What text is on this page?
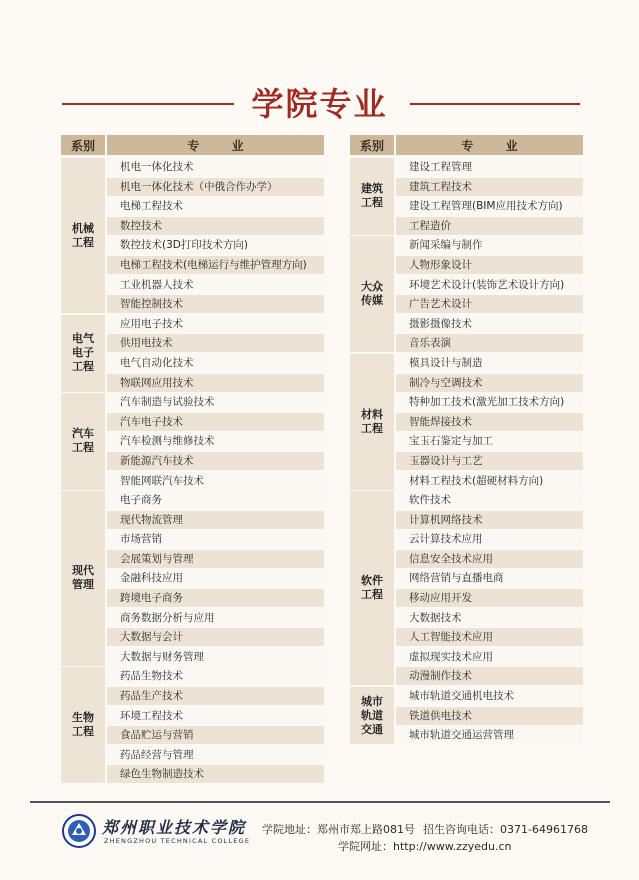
学院专业
系别	专 业
机械
工程
机电一体化技术
机电一体化技术（中俄合作办学）
电梯工程技术
数控技术
数控技术(3D打印技术方向)
电梯工程技术(电梯运行与维护管理方向)
工业机器人技术
智能控制技术
电气
电子
工程
应用电子技术
供用电技术
电气自动化技术
物联网应用技术
汽车
工程
汽车制造与试验技术
汽车电子技术
汽车检测与维修技术
新能源汽车技术
智能网联汽车技术
现代
管理
电子商务
现代物流管理
市场营销
会展策划与管理
金融科技应用
跨境电子商务
商务数据分析与应用
大数据与会计
大数据与财务管理
生物
工程
药品生物技术
药品生产技术
环境工程技术
食品贮运与营销
药品经营与管理
绿色生物制造技术
系别	专 业
建筑
工程
建设工程管理
建筑工程技术
建设工程管理(BIM应用技术方向)
工程造价
大众
传媒
新闻采编与制作
人物形象设计
环境艺术设计(装饰艺术设计方向)
广告艺术设计
摄影摄像技术
音乐表演
材料
工程
模具设计与制造
制冷与空调技术
特种加工技术(激光加工技术方向)
智能焊接技术
宝玉石鉴定与加工
玉器设计与工艺
材料工程技术(超硬材料方向)
软件
工程
软件技术
计算机网络技术
云计算技术应用
信息安全技术应用
网络营销与直播电商
移动应用开发
大数据技术
人工智能技术应用
虚拟现实技术应用
动漫制作技术
城市
轨道
交通
城市轨道交通机电技术
铁道供电技术
城市轨道交通运营管理
郑州职业技术学院
ZHENGZHOU TECHNICAL COLLEGE
学院地址：郑州市郑上路081号 招生咨询电话：0371-64961768
学院网址：http://www.zzyedu.cn
